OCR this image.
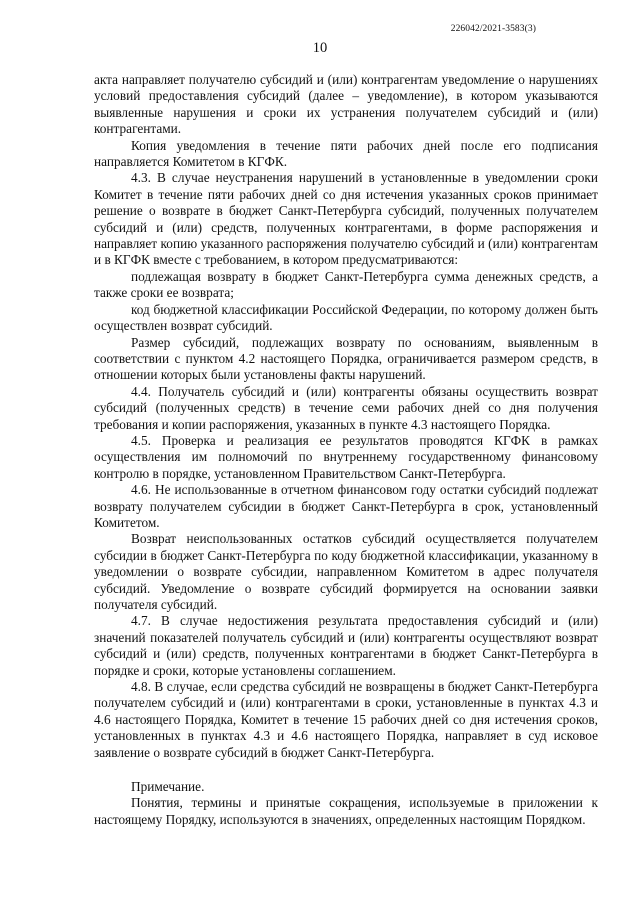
226042/2021-3583(3)
10

акта направляет получателю субсидий и (или) контрагентам уведомление о нарушениях условий предоставления субсидий (далее – уведомление), в котором указываются выявленные нарушения и сроки их устранения получателем субсидий и (или) контрагентами.

Копия уведомления в течение пяти рабочих дней после его подписания направляется Комитетом в КГФК.

4.3. В случае неустранения нарушений в установленные в уведомлении сроки Комитет в течение пяти рабочих дней со дня истечения указанных сроков принимает решение о возврате в бюджет Санкт-Петербурга субсидий, полученных получателем субсидий и (или) средств, полученных контрагентами, в форме распоряжения и направляет копию указанного распоряжения получателю субсидий и (или) контрагентам и в КГФК вместе с требованием, в котором предусматриваются:

подлежащая возврату в бюджет Санкт-Петербурга сумма денежных средств, а также сроки ее возврата;

код бюджетной классификации Российской Федерации, по которому должен быть осуществлен возврат субсидий.

Размер субсидий, подлежащих возврату по основаниям, выявленным в соответствии с пунктом 4.2 настоящего Порядка, ограничивается размером средств, в отношении которых были установлены факты нарушений.

4.4. Получатель субсидий и (или) контрагенты обязаны осуществить возврат субсидий (полученных средств) в течение семи рабочих дней со дня получения требования и копии распоряжения, указанных в пункте 4.3 настоящего Порядка.

4.5. Проверка и реализация ее результатов проводятся КГФК в рамках осуществления им полномочий по внутреннему государственному финансовому контролю в порядке, установленном Правительством Санкт-Петербурга.

4.6. Не использованные в отчетном финансовом году остатки субсидий подлежат возврату получателем субсидии в бюджет Санкт-Петербурга в срок, установленный Комитетом.

Возврат неиспользованных остатков субсидий осуществляется получателем субсидии в бюджет Санкт-Петербурга по коду бюджетной классификации, указанному в уведомлении о возврате субсидии, направленном Комитетом в адрес получателя субсидий. Уведомление о возврате субсидий формируется на основании заявки получателя субсидий.

4.7. В случае недостижения результата предоставления субсидий и (или) значений показателей получатель субсидий и (или) контрагенты осуществляют возврат субсидий и (или) средств, полученных контрагентами в бюджет Санкт-Петербурга в порядке и сроки, которые установлены соглашением.

4.8. В случае, если средства субсидий не возвращены в бюджет Санкт-Петербурга получателем субсидий и (или) контрагентами в сроки, установленные в пунктах 4.3 и 4.6 настоящего Порядка, Комитет в течение 15 рабочих дней со дня истечения сроков, установленных в пунктах 4.3 и 4.6 настоящего Порядка, направляет в суд исковое заявление о возврате субсидий в бюджет Санкт-Петербурга.

Примечание.

Понятия, термины и принятые сокращения, используемые в приложении к настоящему Порядку, используются в значениях, определенных настоящим Порядком.
